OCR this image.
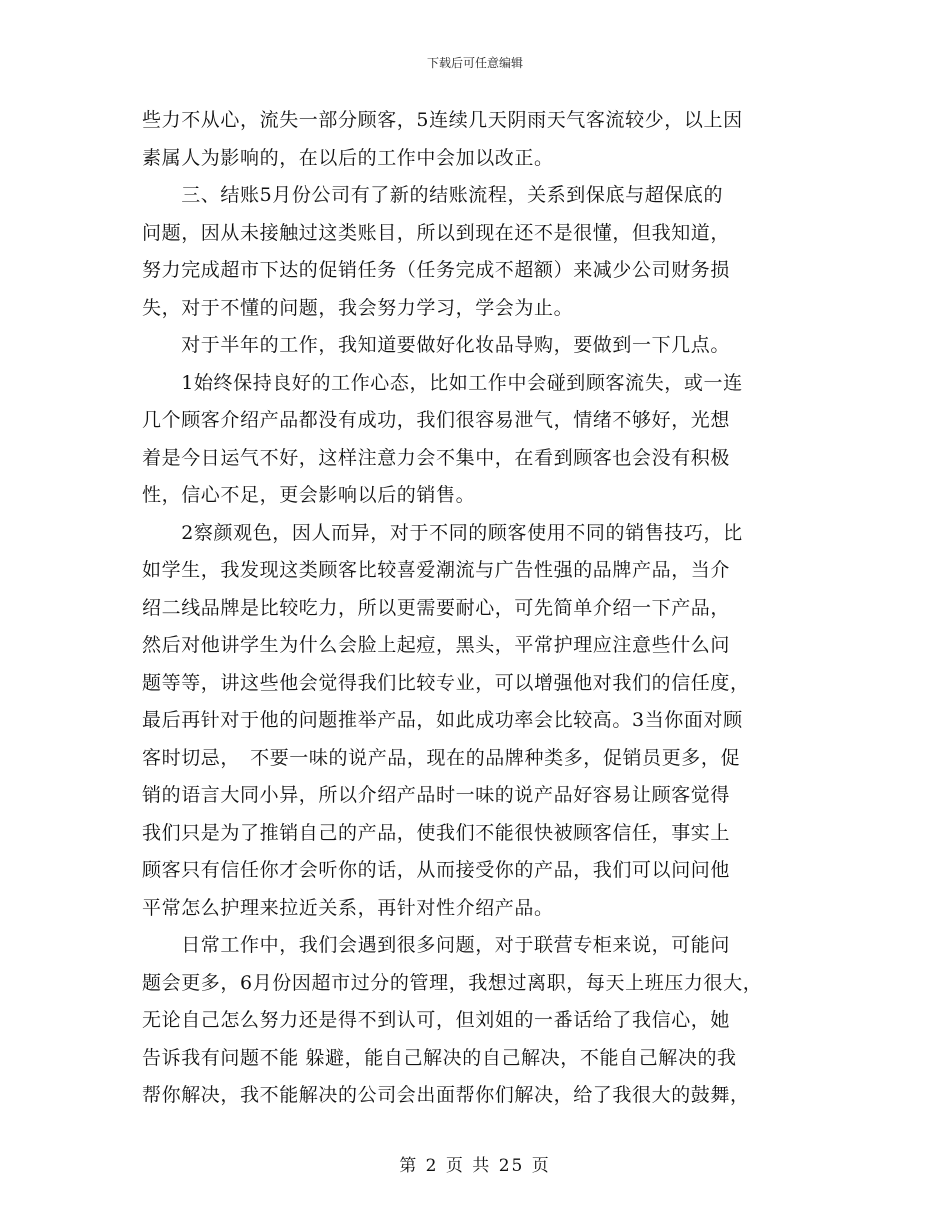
下载后可任意编辑
些力不从心，流失一部分顾客，5连续几天阴雨天气客流较少，以上因
素属人为影响的，在以后的工作中会加以改正。
　　三、结账5月份公司有了新的结账流程，关系到保底与超保底的
问题，因从未接触过这类账目，所以到现在还不是很懂，但我知道，
努力完成超市下达的促销任务（任务完成不超额）来减少公司财务损
失，对于不懂的问题，我会努力学习，学会为止。
　　对于半年的工作，我知道要做好化妆品导购，要做到一下几点。
　　1始终保持良好的工作心态，比如工作中会碰到顾客流失，或一连
几个顾客介绍产品都没有成功，我们很容易泄气，情绪不够好，光想
着是今日运气不好，这样注意力会不集中，在看到顾客也会没有积极
性，信心不足，更会影响以后的销售。
　　2察颜观色，因人而异，对于不同的顾客使用不同的销售技巧，比
如学生，我发现这类顾客比较喜爱潮流与广告性强的品牌产品，当介
绍二线品牌是比较吃力，所以更需要耐心，可先简单介绍一下产品，
然后对他讲学生为什么会脸上起痘，黑头，平常护理应注意些什么问
题等等，讲这些他会觉得我们比较专业，可以增强他对我们的信任度，
最后再针对于他的问题推举产品，如此成功率会比较高。3当你面对顾
客时切忌，　不要一味的说产品，现在的品牌种类多，促销员更多，促
销的语言大同小异，所以介绍产品时一味的说产品好容易让顾客觉得
我们只是为了推销自己的产品，使我们不能很快被顾客信任，事实上
顾客只有信任你才会听你的话，从而接受你的产品，我们可以问问他
平常怎么护理来拉近关系，再针对性介绍产品。
　　日常工作中，我们会遇到很多问题，对于联营专柜来说，可能问
题会更多，6月份因超市过分的管理，我想过离职，每天上班压力很大，
无论自己怎么努力还是得不到认可，但刘姐的一番话给了我信心，她
告诉我有问题不能 躲避，能自己解决的自己解决，不能自己解决的我
帮你解决，我不能解决的公司会出面帮你们解决，给了我很大的鼓舞，
第 2 页 共 25 页
